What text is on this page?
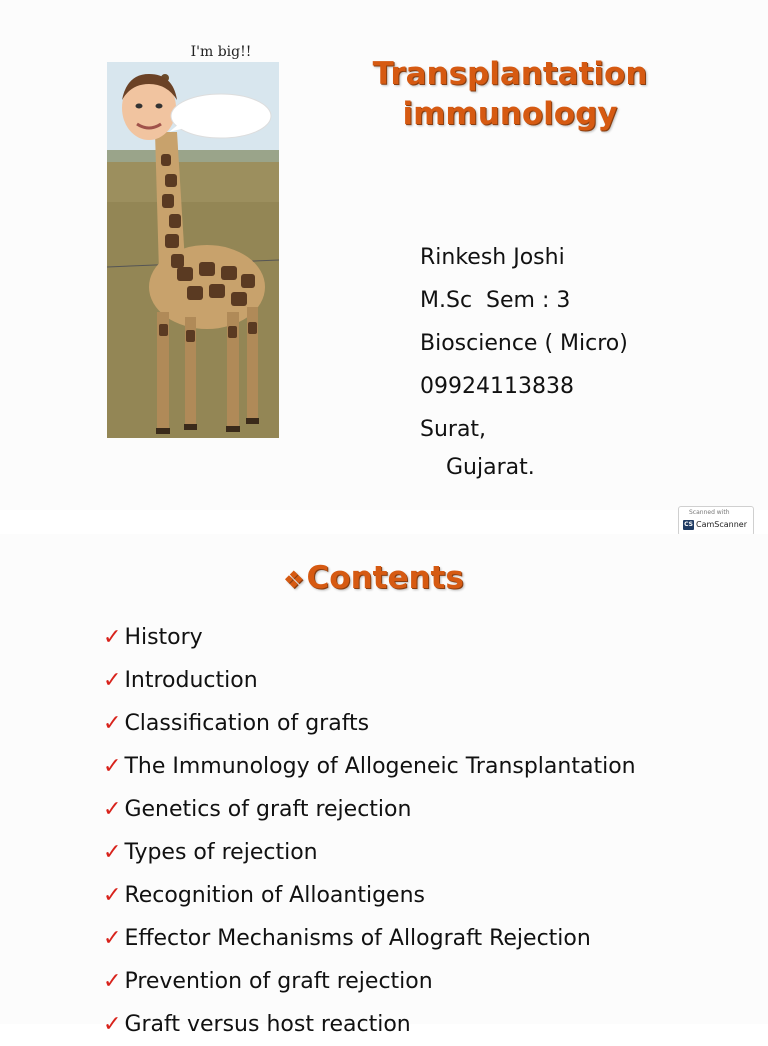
I'm big!!
Transplantation
immunology
Rinkesh Joshi
M.Sc  Sem : 3
Bioscience ( Micro)
09924113838
Surat,
Gujarat.
Scanned with
CS CamScanner
❖Contents
✓ History
✓ Introduction
✓ Classification of grafts
✓ The Immunology of Allogeneic Transplantation
✓ Genetics of graft rejection
✓ Types of rejection
✓ Recognition of Alloantigens
✓ Effector Mechanisms of Allograft Rejection
✓ Prevention of graft rejection
✓ Graft versus host reaction
